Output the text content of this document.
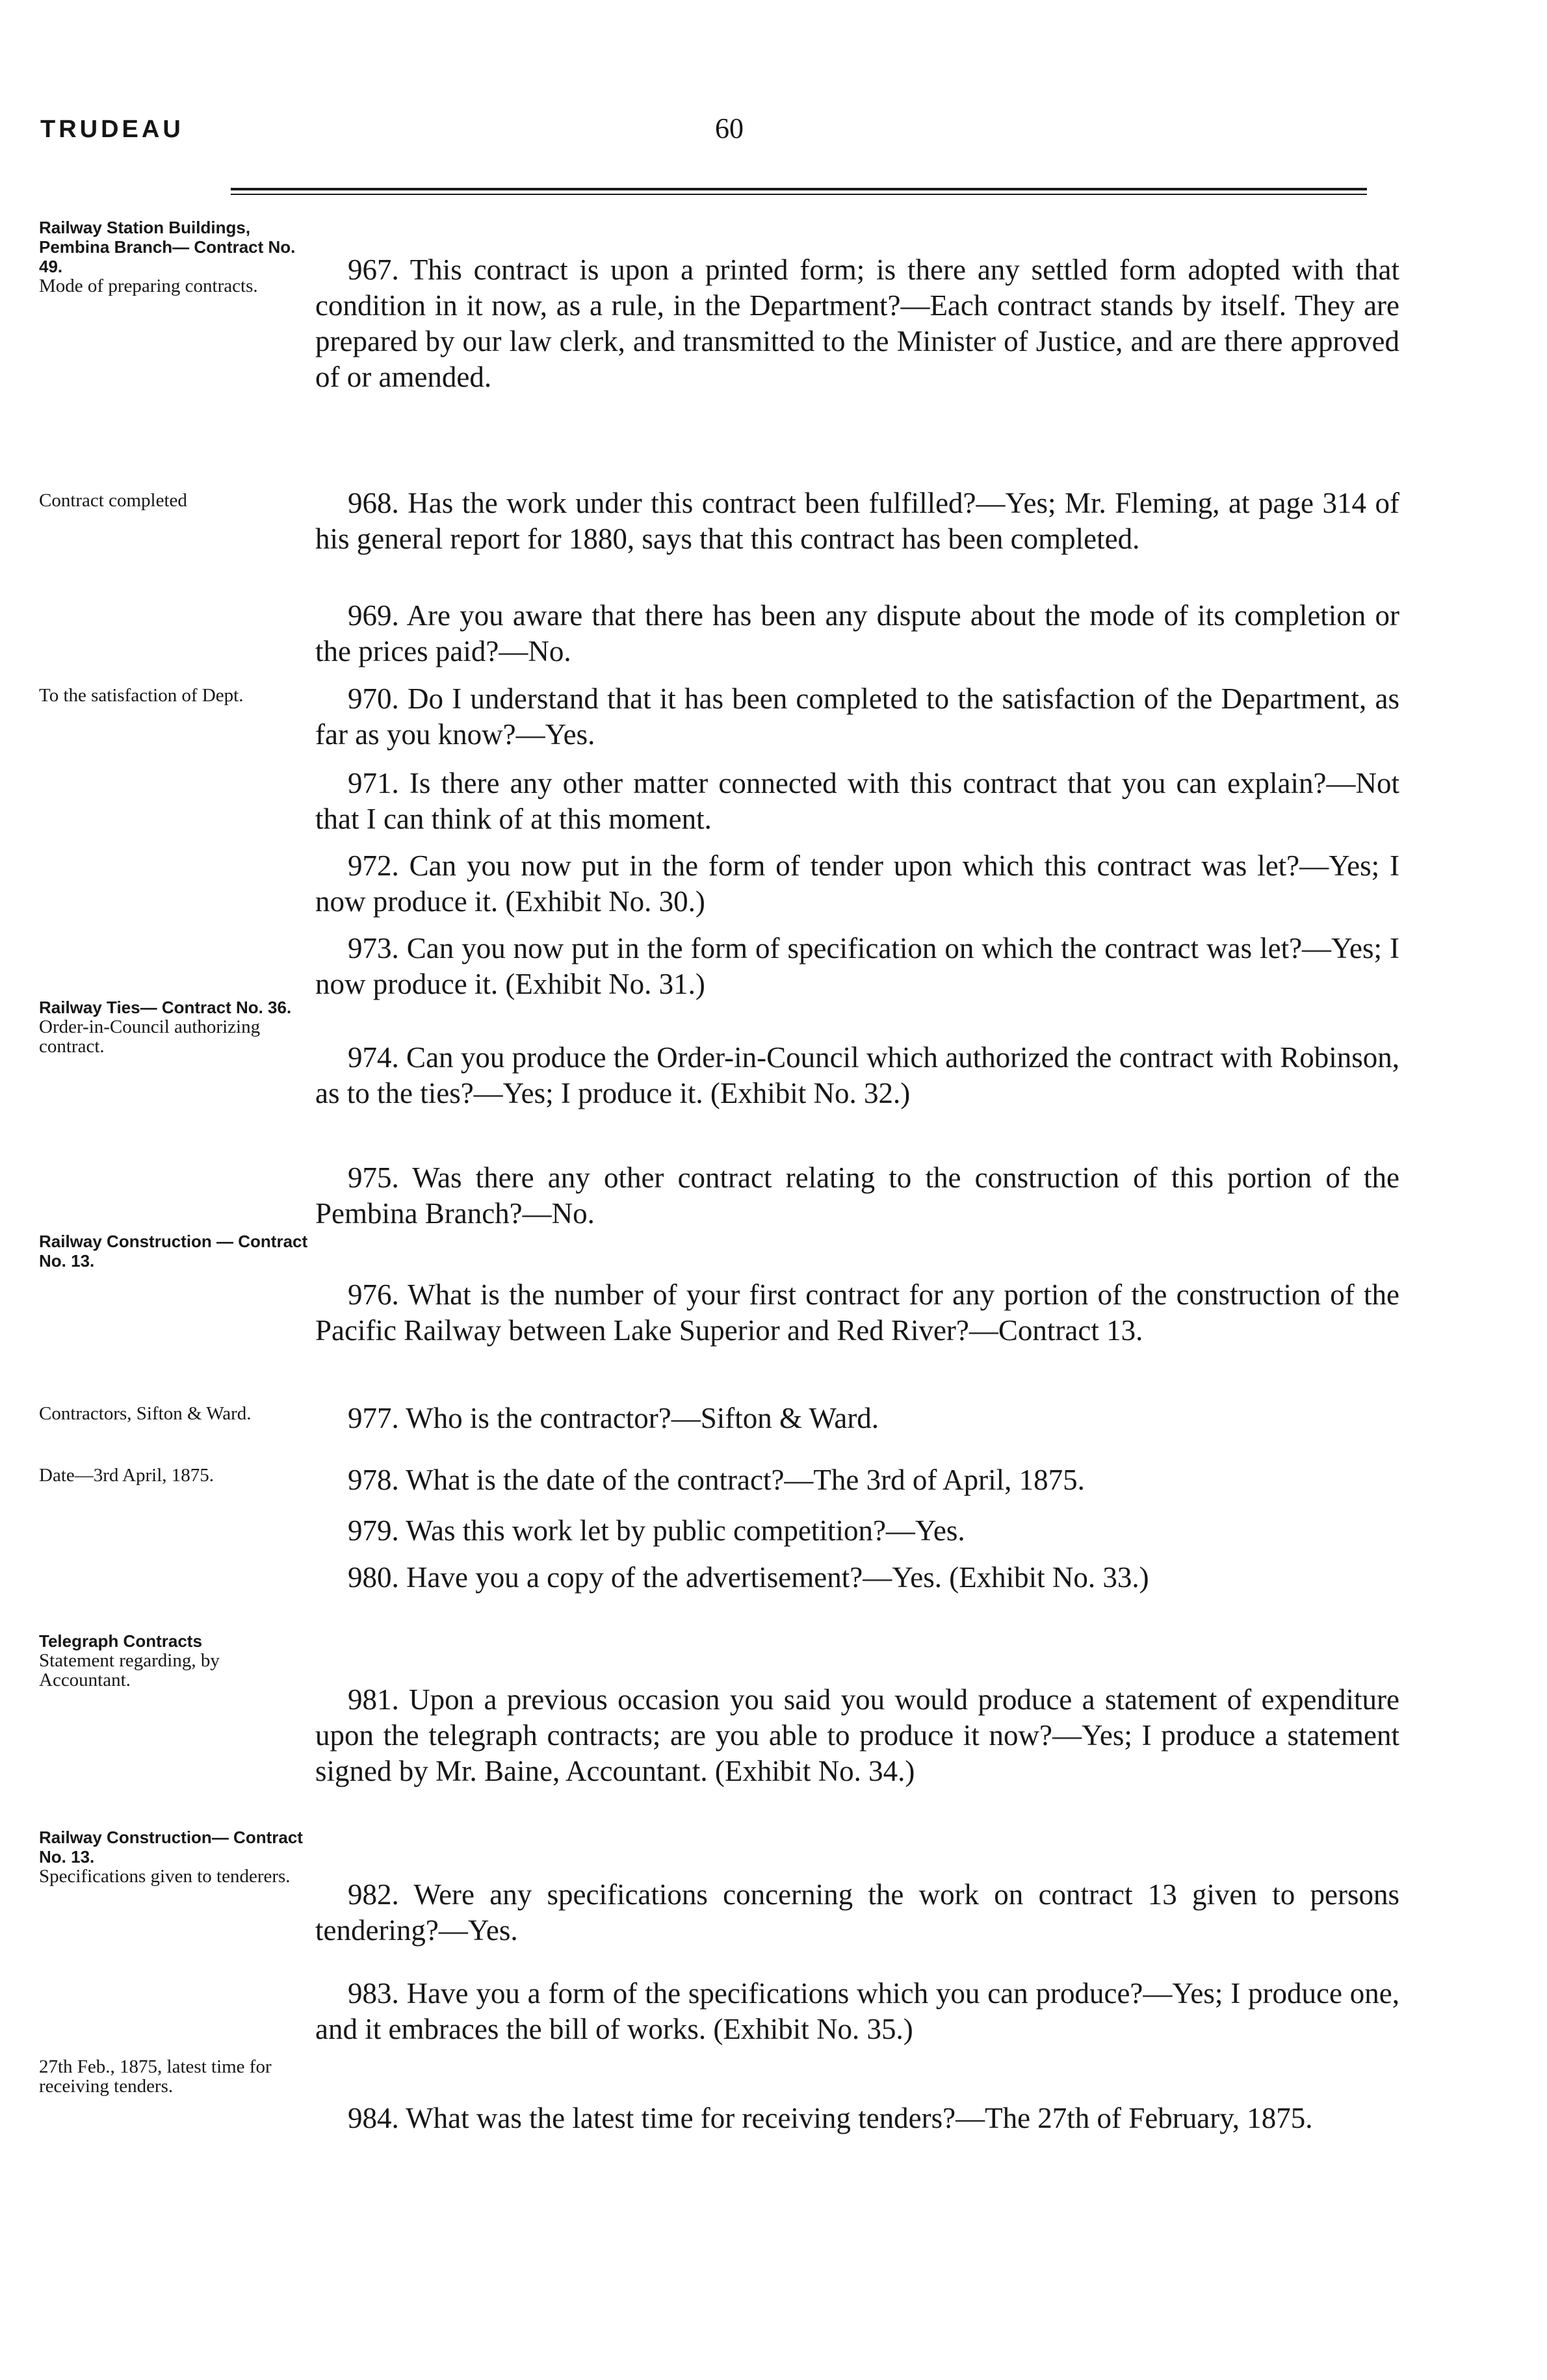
TRUDEAU	60
Railway Station Buildings, Pembina Branch— Contract No. 49.
Mode of preparing contracts.
Contract completed
To the satisfaction of Dept.
Railway Ties— Contract No. 36.
Order-in-Council authorizing contract.
Railway Construction — Contract No. 13.
Contractors, Sifton & Ward.
Date—3rd April, 1875.
Telegraph Contracts
Statement regarding, by Accountant.
Railway Construction— Contract No. 13.
Specifications given to tenderers.
27th Feb., 1875, latest time for receiving tenders.

967. This contract is upon a printed form; is there any settled form adopted with that condition in it now, as a rule, in the Department?—Each contract stands by itself. They are prepared by our law clerk, and transmitted to the Minister of Justice, and are there approved of or amended.

968. Has the work under this contract been fulfilled?—Yes; Mr. Fleming, at page 314 of his general report for 1880, says that this contract has been completed.

969. Are you aware that there has been any dispute about the mode of its completion or the prices paid?—No.

970. Do I understand that it has been completed to the satisfaction of the Department, as far as you know?—Yes.

971. Is there any other matter connected with this contract that you can explain?—Not that I can think of at this moment.

972. Can you now put in the form of tender upon which this contract was let?—Yes; I now produce it. (Exhibit No. 30.)

973. Can you now put in the form of specification on which the contract was let?—Yes; I now produce it. (Exhibit No. 31.)

974. Can you produce the Order-in-Council which authorized the contract with Robinson, as to the ties?—Yes; I produce it. (Exhibit No. 32.)

975. Was there any other contract relating to the construction of this portion of the Pembina Branch?—No.

976. What is the number of your first contract for any portion of the construction of the Pacific Railway between Lake Superior and Red River?—Contract 13.

977. Who is the contractor?—Sifton & Ward.

978. What is the date of the contract?—The 3rd of April, 1875.

979. Was this work let by public competition?—Yes.

980. Have you a copy of the advertisement?—Yes. (Exhibit No. 33.)

981. Upon a previous occasion you said you would produce a statement of expenditure upon the telegraph contracts; are you able to produce it now?—Yes; I produce a statement signed by Mr. Baine, Accountant. (Exhibit No. 34.)

982. Were any specifications concerning the work on contract 13 given to persons tendering?—Yes.

983. Have you a form of the specifications which you can produce?—Yes; I produce one, and it embraces the bill of works. (Exhibit No. 35.)

984. What was the latest time for receiving tenders?—The 27th of February, 1875.
